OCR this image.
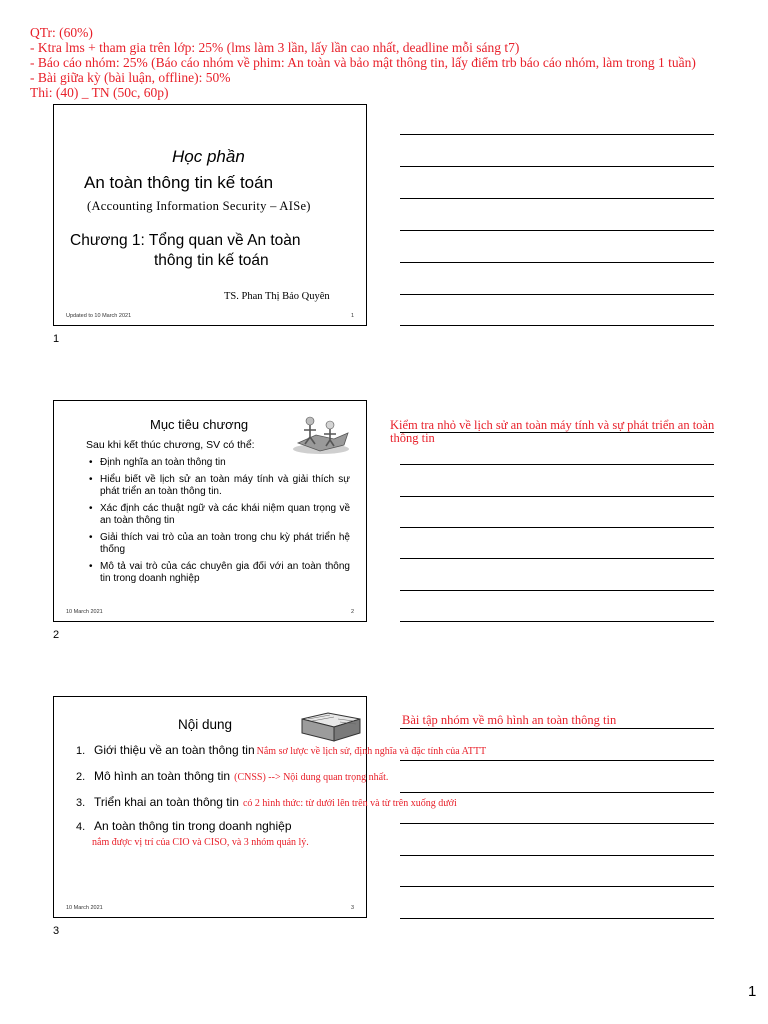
QTr: (60%)
- Ktra lms + tham gia trên lớp: 25% (lms làm 3 lần, lấy lần cao nhất, deadline mỗi sáng t7)
- Báo cáo nhóm: 25% (Báo cáo nhóm về phim: An toàn và bảo mật thông tin, lấy điểm trb báo cáo nhóm, làm trong 1 tuần)
- Bài giữa kỳ (bài luận, offline): 50%
Thi: (40) _ TN (50c, 60p)
Học phần
An toàn thông tin kế toán
(Accounting Information Security – AISe)
Chương 1: Tổng quan về An toàn
thông tin kế toán
TS. Phan Thị Bảo Quyên
Updated to 10 March 2021	1
1
Mục tiêu chương
Sau khi kết thúc chương, SV có thể:
• Định nghĩa an toàn thông tin
• Hiểu biết về lịch sử an toàn máy tính và giải thích sự phát triển an toàn thông tin.
• Xác định các thuật ngữ và các khái niệm quan trọng về an toàn thông tin
• Giải thích vai trò của an toàn trong chu kỳ phát triển hệ thống
• Mô tả vai trò của các chuyên gia đối với an toàn thông tin trong doanh nghiệp
10 March 2021	2
2
Kiểm tra nhỏ về lịch sử an toàn máy tính và sự phát triển an toàn thông tin
Nội dung
1. Giới thiệu về an toàn thông tin Nắm sơ lược về lịch sử, định nghĩa và đặc tính của ATTT
2. Mô hình an toàn thông tin (CNSS) --> Nội dung quan trọng nhất.
3. Triển khai an toàn thông tin có 2 hình thức: từ dưới lên trên và từ trên xuống dưới
4. An toàn thông tin trong doanh nghiệp
nắm được vị trí của CIO và CISO, và 3 nhóm quản lý.
10 March 2021	3
3
Bài tập nhóm về mô hình an toàn thông tin
1
